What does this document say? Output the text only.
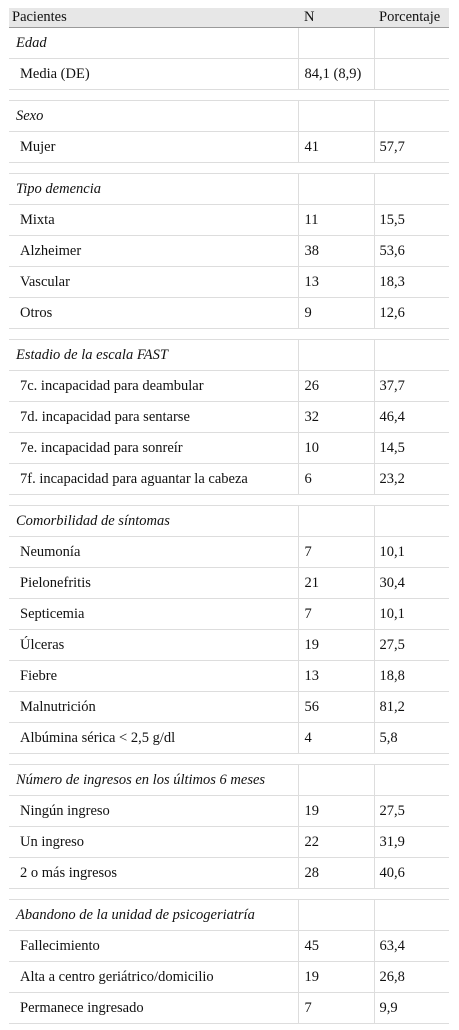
Pacientes	N	Porcentaje
Edad		
Media (DE)	84,1 (8,9)	

Sexo		
Mujer	41	57,7

Tipo demencia		
Mixta	11	15,5
Alzheimer	38	53,6
Vascular	13	18,3
Otros	9	12,6

Estadio de la escala FAST		
7c. incapacidad para deambular	26	37,7
7d. incapacidad para sentarse	32	46,4
7e. incapacidad para sonreír	10	14,5
7f. incapacidad para aguantar la cabeza	6	23,2

Comorbilidad de síntomas		
Neumonía	7	10,1
Pielonefritis	21	30,4
Septicemia	7	10,1
Úlceras	19	27,5
Fiebre	13	18,8
Malnutrición	56	81,2
Albúmina sérica < 2,5 g/dl	4	5,8

Número de ingresos en los últimos 6 meses		
Ningún ingreso	19	27,5
Un ingreso	22	31,9
2 o más ingresos	28	40,6

Abandono de la unidad de psicogeriatría		
Fallecimiento	45	63,4
Alta a centro geriátrico/domicilio	19	26,8
Permanece ingresado	7	9,9
